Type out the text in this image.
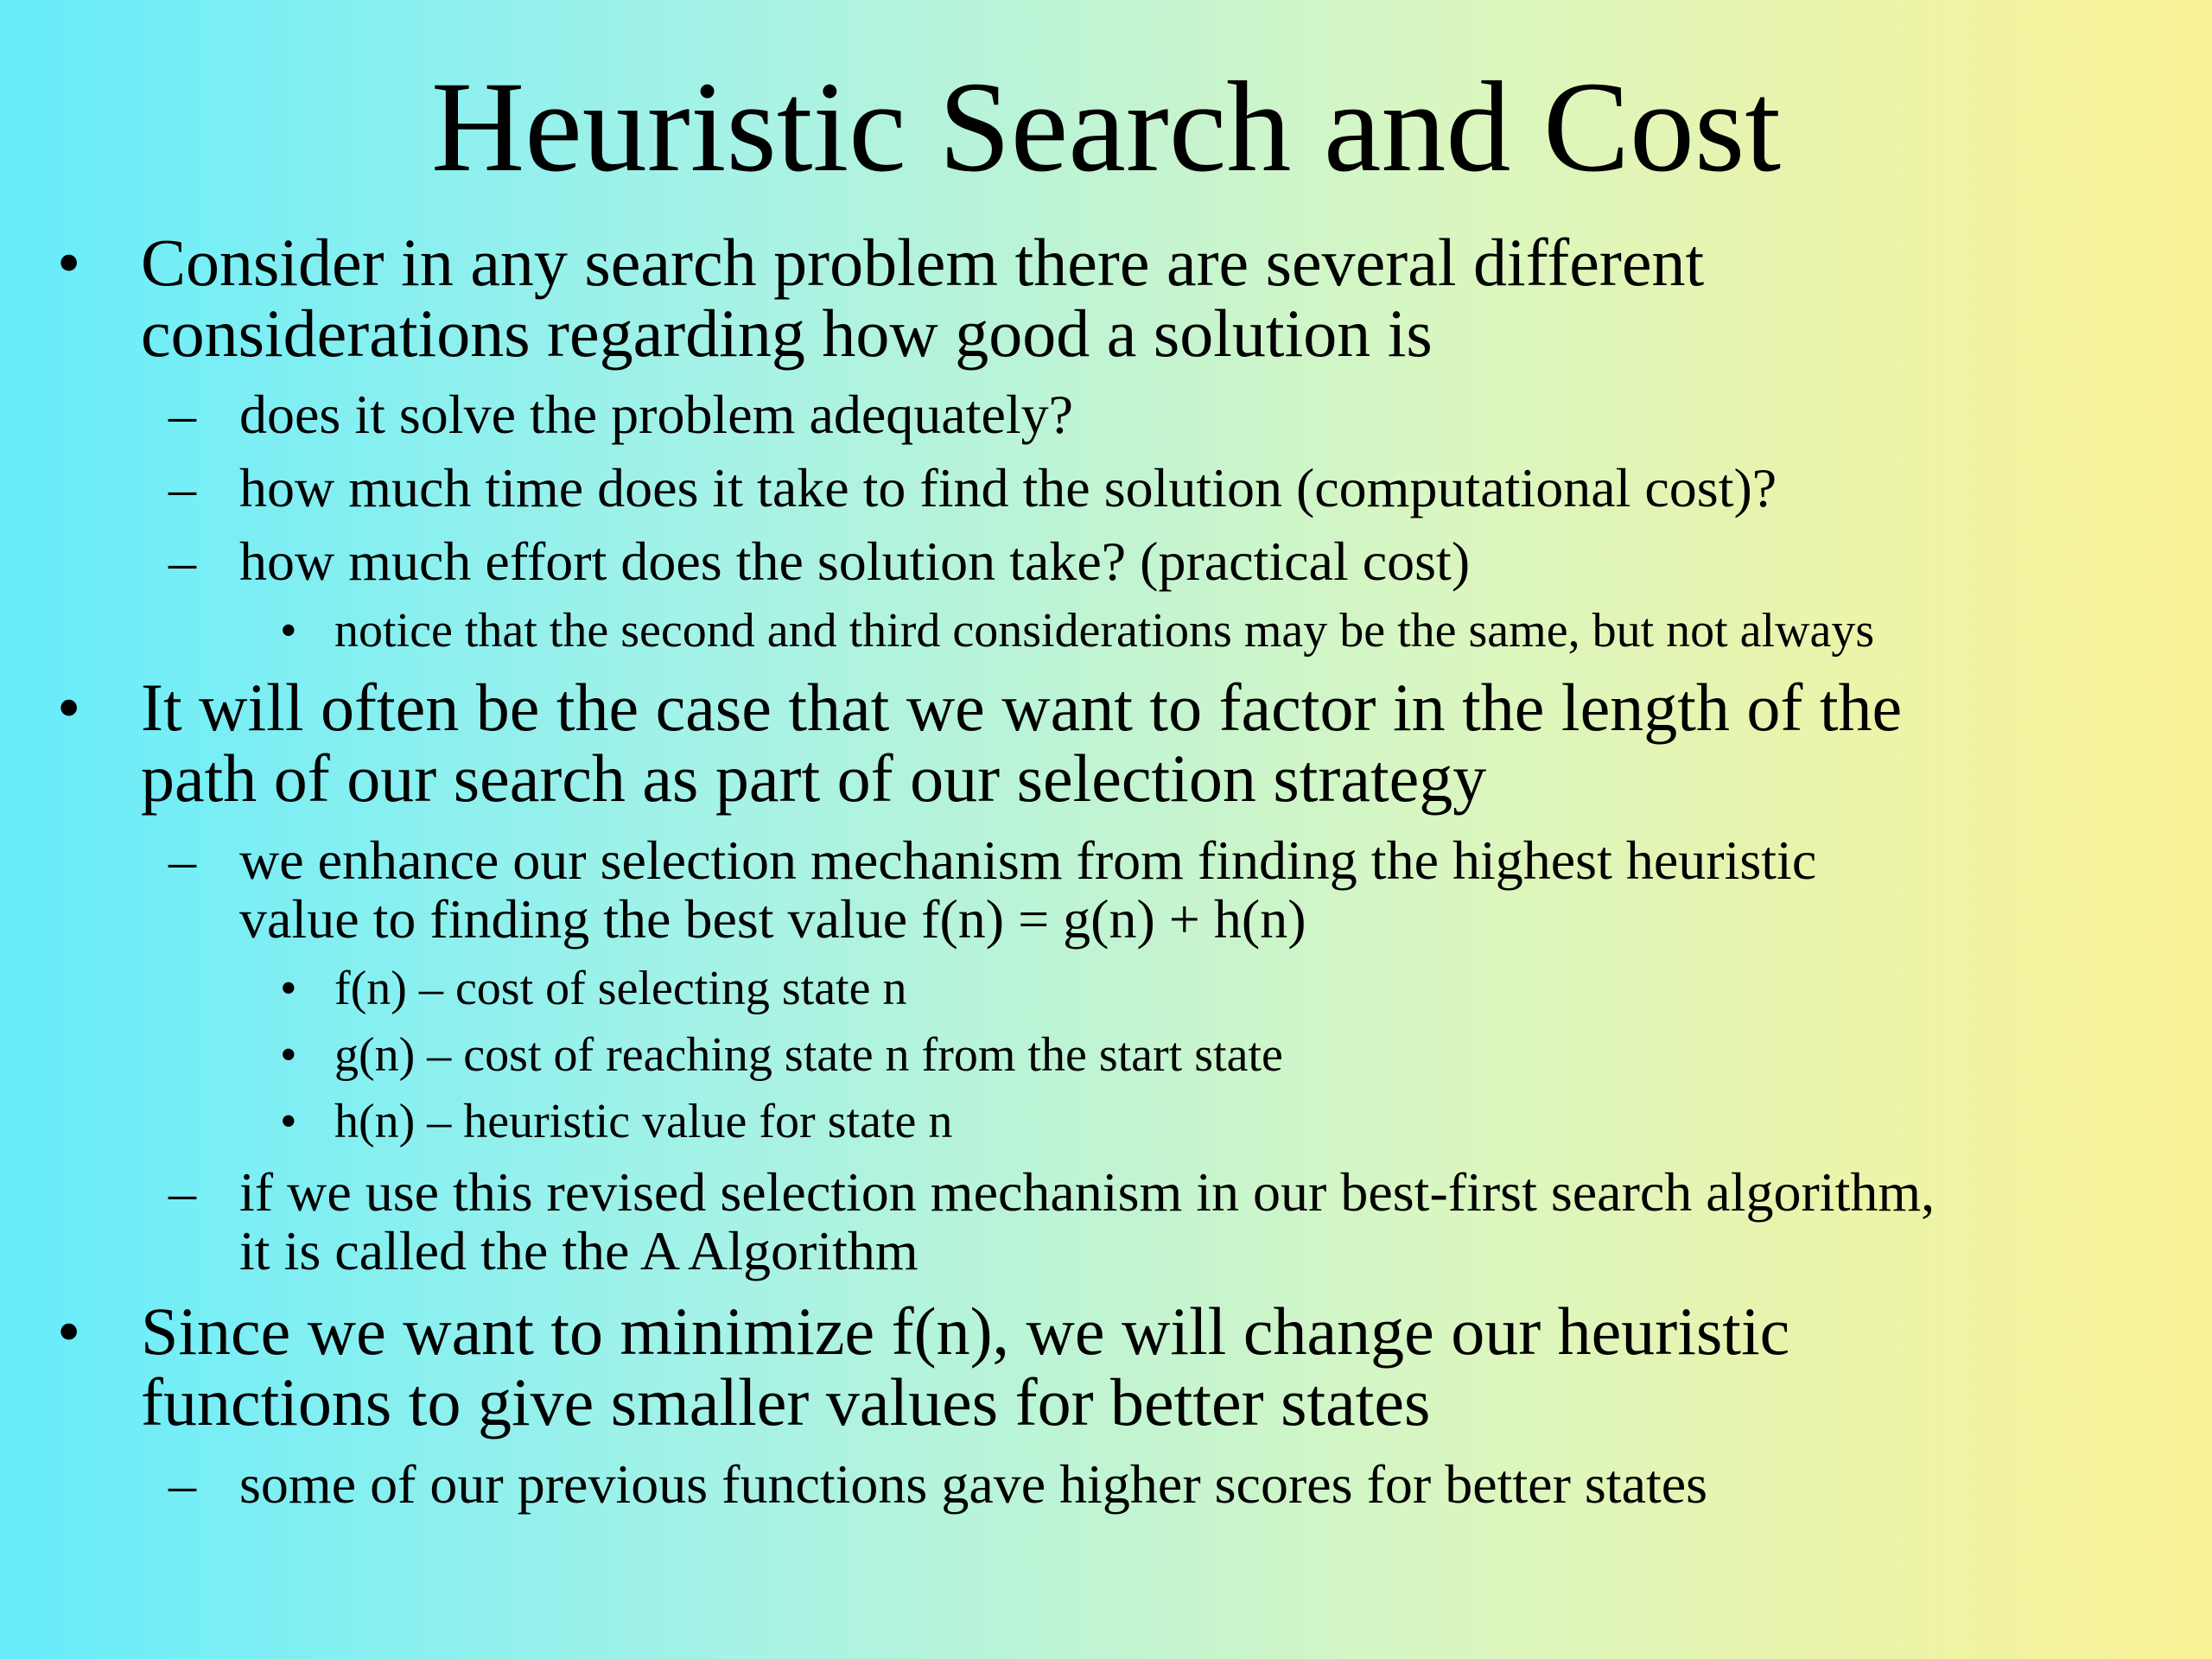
Heuristic Search and Cost
• Consider in any search problem there are several different
considerations regarding how good a solution is
– does it solve the problem adequately?
– how much time does it take to find the solution (computational cost)?
– how much effort does the solution take? (practical cost)
• notice that the second and third considerations may be the same, but not always
• It will often be the case that we want to factor in the length of the
path of our search as part of our selection strategy
– we enhance our selection mechanism from finding the highest heuristic
value to finding the best value f(n) = g(n) + h(n)
• f(n) – cost of selecting state n
• g(n) – cost of reaching state n from the start state
• h(n) – heuristic value for state n
– if we use this revised selection mechanism in our best-first search algorithm,
it is called the the A Algorithm
• Since we want to minimize f(n), we will change our heuristic
functions to give smaller values for better states
– some of our previous functions gave higher scores for better states
